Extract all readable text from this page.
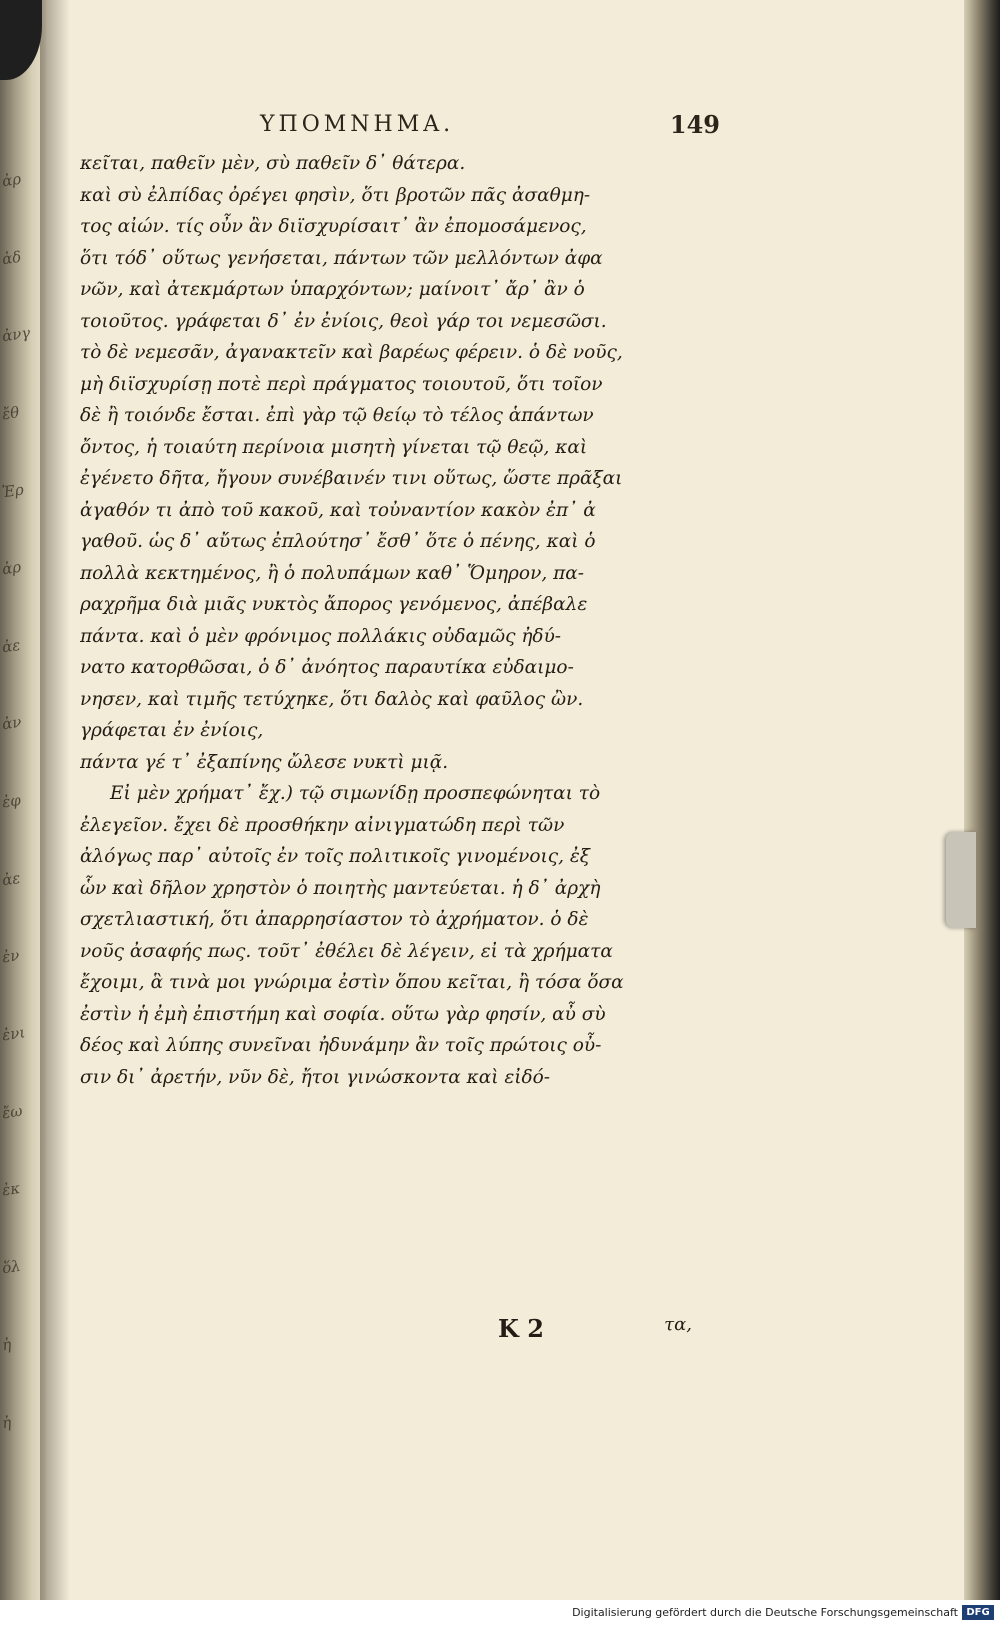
ἀρ
ἀδ
ἀνγ
ἔθ
Ἐρ
ἀρ
ἀε
ἀν
ἐφ
ἀε
ἐν
ἐνι
ἔω
ἐκ
ὅλ
ἠ
ἠ
ΥΠΟΜΝΗΜΑ.	149
κεῖται, παθεῖν μὲν, σὺ παθεῖν δ᾿ θάτερα.
καὶ σὺ ἐλπίδας ὀρέγει φησὶν, ὅτι βροτῶν πᾶς ἀσαθμη-
τος αἰών. τίς οὖν ἂν διϊσχυρίσαιτ᾿ ἂν ἐπομοσάμενος,
ὅτι τόδ᾿ οὕτως γενήσεται, πάντων τῶν μελλόντων ἀφα
νῶν, καὶ ἀτεκμάρτων ὑπαρχόντων; μαίνοιτ᾿ ἄρ᾿ ἂν ὁ
τοιοῦτος. γράφεται δ᾿ ἐν ἐνίοις, θεοὶ γάρ τοι νεμεσῶσι.
τὸ δὲ νεμεσᾶν, ἀγανακτεῖν καὶ βαρέως φέρειν. ὁ δὲ νοῦς,
μὴ διϊσχυρίσῃ ποτὲ περὶ πράγματος τοιουτοῦ, ὅτι τοῖον
δὲ ἢ τοιόνδε ἔσται. ἐπὶ γὰρ τῷ θείῳ τὸ τέλος ἁπάντων
ὄντος, ἡ τοιαύτη περίνοια μισητὴ γίνεται τῷ θεῷ, καὶ
ἐγένετο δῆτα, ἤγουν συνέβαινέν τινι οὕτως, ὥστε πρᾶξαι
ἀγαθόν τι ἀπὸ τοῦ κακοῦ, καὶ τοὐναντίον κακὸν ἐπ᾿ ἀ
γαθοῦ. ὡς δ᾿ αὔτως ἐπλούτησ᾿ ἔσθ᾿ ὅτε ὁ πένης, καὶ ὁ
πολλὰ κεκτημένος, ἢ ὁ πολυπάμων καθ᾿ Ὅμηρον, πα-
ραχρῆμα διὰ μιᾶς νυκτὸς ἄπορος γενόμενος, ἀπέβαλε
πάντα. καὶ ὁ μὲν φρόνιμος πολλάκις οὐδαμῶς ἠδύ-
νατο κατορθῶσαι, ὁ δ᾿ ἀνόητος παραυτίκα εὐδαιμο-
νησεν, καὶ τιμῆς τετύχηκε, ὅτι δαλὸς καὶ φαῦλος ὢν.
γράφεται ἐν ἐνίοις,
πάντα γέ τ᾿ ἐξαπίνης ὤλεσε νυκτὶ μιᾷ.
Εἰ μὲν χρήματ᾿ ἔχ.) τῷ σιμωνίδῃ προσπεφώνηται τὸ
ἐλεγεῖον. ἔχει δὲ προσθήκην αἰνιγματώδη περὶ τῶν
ἀλόγως παρ᾿ αὐτοῖς ἐν τοῖς πολιτικοῖς γινομένοις, ἐξ
ὧν καὶ δῆλον χρηστὸν ὁ ποιητὴς μαντεύεται. ἡ δ᾿ ἀρχὴ
σχετλιαστική, ὅτι ἀπαρρησίαστον τὸ ἀχρήματον. ὁ δὲ
νοῦς ἀσαφής πως. τοῦτ᾿ ἐθέλει δὲ λέγειν, εἰ τὰ χρήματα
ἔχοιμι, ἃ τινὰ μοι γνώριμα ἐστὶν ὅπου κεῖται, ἢ τόσα ὅσα
ἐστὶν ἡ ἐμὴ ἐπιστήμη καὶ σοφία. οὕτω γὰρ φησίν, αὖ σὺ
δέος καὶ λύπης συνεῖναι ἠδυνάμην ἂν τοῖς πρώτοις οὖ-
σιν δι᾿ ἀρετήν, νῦν δὲ, ἤτοι γινώσκοντα καὶ εἰδό-
K 2	τα,
Digitalisierung gefördert durch die Deutsche Forschungsgemeinschaft DFG
